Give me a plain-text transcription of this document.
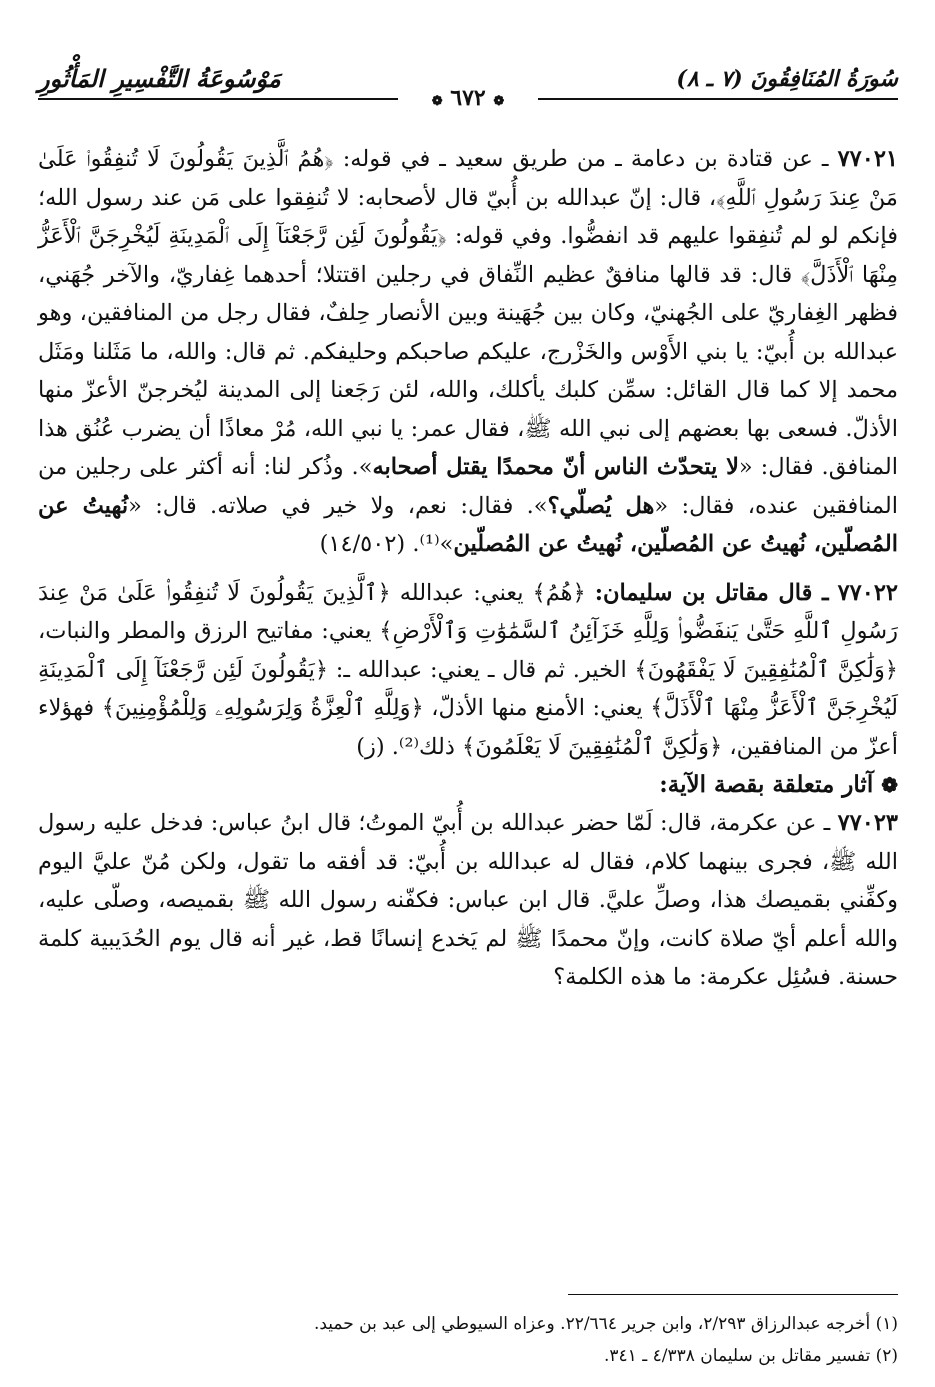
سُورَةُ المُنَافِقُونَ (٧ ـ ٨)
مَوْسُوعَةُ التَّفْسِيرِ المَأْثُورِ
❁ ٦٧٢ ❁

٧٧٠٢١ ـ عن قتادة بن دعامة ـ من طريق سعيد ـ في قوله: ﴿هُمُ ٱلَّذِينَ يَقُولُونَ لَا تُنفِقُوا۟ عَلَىٰ مَنْ عِندَ رَسُولِ ٱللَّهِ﴾، قال: إنّ عبدالله بن أُبيّ قال لأصحابه: لا تُنفِقوا على مَن عند رسول الله؛ فإنكم لو لم تُنفِقوا عليهم قد انفضُّوا. وفي قوله: ﴿يَقُولُونَ لَئِن رَّجَعْنَآ إِلَى ٱلْمَدِينَةِ لَيُخْرِجَنَّ ٱلْأَعَزُّ مِنْهَا ٱلْأَذَلَّ﴾ قال: قد قالها منافقٌ عظيم النِّفاق في رجلين اقتتلا؛ أحدهما غِفاريّ، والآخر جُهَني، فظهر الغِفاريّ على الجُهنيّ، وكان بين جُهَينة وبين الأنصار حِلفٌ، فقال رجل من المنافقين، وهو عبدالله بن أُبيّ: يا بني الأَوْس والخَزْرج، عليكم صاحبكم وحليفكم. ثم قال: والله، ما مَثَلنا ومَثَل محمد إلا كما قال القائل: سمِّن كلبك يأكلك، والله، لئن رَجَعنا إلى المدينة ليُخرجنّ الأعزّ منها الأذلّ. فسعى بها بعضهم إلى نبي الله ﷺ، فقال عمر: يا نبي الله، مُرْ معاذًا أن يضرب عُنُق هذا المنافق. فقال: «لا يتحدّث الناس أنّ محمدًا يقتل أصحابه». وذُكر لنا: أنه أكثر على رجلين من المنافقين عنده، فقال: «هل يُصلّي؟». فقال: نعم، ولا خير في صلاته. قال: «نُهيتُ عن المُصلّين، نُهيتُ عن المُصلّين، نُهيتُ عن المُصلّين»⁽¹⁾. (١٤/٥٠٢)

٧٧٠٢٢ ـ قال مقاتل بن سليمان: ﴿هُمُ﴾ يعني: عبدالله ﴿ٱلَّذِينَ يَقُولُونَ لَا تُنفِقُوا۟ عَلَىٰ مَنْ عِندَ رَسُولِ ٱللَّهِ حَتَّىٰ يَنفَضُّوا۟ وَلِلَّهِ خَزَآئِنُ ٱلسَّمَٰوَٰتِ وَٱلْأَرْضِ﴾ يعني: مفاتيح الرزق والمطر والنبات، ﴿وَلَٰكِنَّ ٱلْمُنَٰفِقِينَ لَا يَفْقَهُونَ﴾ الخير. ثم قال ـ يعني: عبدالله ـ: ﴿يَقُولُونَ لَئِن رَّجَعْنَآ إِلَى ٱلْمَدِينَةِ لَيُخْرِجَنَّ ٱلْأَعَزُّ مِنْهَا ٱلْأَذَلَّ﴾ يعني: الأمنع منها الأذلّ، ﴿وَلِلَّهِ ٱلْعِزَّةُ وَلِرَسُولِهِۦ وَلِلْمُؤْمِنِينَ﴾ فهؤلاء أعزّ من المنافقين، ﴿وَلَٰكِنَّ ٱلْمُنَٰفِقِينَ لَا يَعْلَمُونَ﴾ ذلك⁽²⁾. (ز)

❁ آثار متعلقة بقصة الآية:

٧٧٠٢٣ ـ عن عكرمة، قال: لَمّا حضر عبدالله بن أُبيّ الموتُ؛ قال ابنُ عباس: فدخل عليه رسول الله ﷺ، فجرى بينهما كلام، فقال له عبدالله بن أُبيّ: قد أفقه ما تقول، ولكن مُنّ عليَّ اليوم وكفِّني بقميصك هذا، وصلِّ عليَّ. قال ابن عباس: فكفّنه رسول الله ﷺ بقميصه، وصلّى عليه، والله أعلم أيّ صلاة كانت، وإنّ محمدًا ﷺ لم يَخدع إنسانًا قط، غير أنه قال يوم الحُدَيبية كلمة حسنة. فسُئِل عكرمة: ما هذه الكلمة؟

(١) أخرجه عبدالرزاق ٢/٢٩٣، وابن جرير ٢٢/٦٦٤. وعزاه السيوطي إلى عبد بن حميد.
(٢) تفسير مقاتل بن سليمان ٤/٣٣٨ ـ ٣٤١.
